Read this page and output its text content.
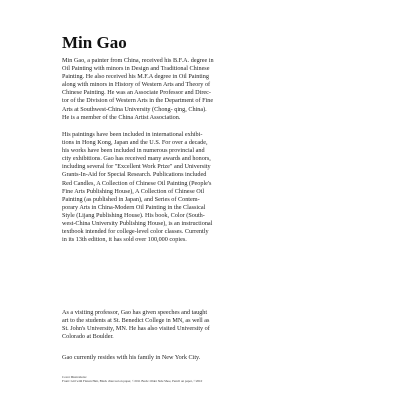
Min Gao
Min Gao, a painter from China, received his B.F.A. degree in
Oil Painting with minors in Design and Traditional Chinese
Painting. He also received his M.F.A degree in Oil Painting
along with minors in History of Western Arts and Theory of
Chinese Painting. He was an Associate Professor and Direc-
tor of the Division of Western Arts in the Department of Fine
Arts at Southwest-China University (Chong- qing, China).
He is a member of the China Artist Association.
His paintings have been included in international exhibi-
tions in Hong Kong, Japan and the U.S. For over a decade,
his works have been included in numerous provincial and
city exhibitions. Gao has received many awards and honors,
including several for "Excellent Work Prize" and University
Grants-In-Aid for Special Research. Publications included
Red Candles, A Collection of Chinese Oil Painting (People's
Fine Arts Publishing House), A Collection of Chinese Oil
Painting (as published in Japan), and Series of Contem-
porary Arts in China-Modern Oil Painting in the Classical
Style (Lijang Publishing House). His book, Color (South-
west-China University Publishing House), is an instructional
textbook intended for college-level color classes. Currently
in its 13th edition, it has sold over 100,000 copies.
As a visiting professor, Gao has given speeches and taught
art to the students at St. Benedict College in MN, as well as
St. John's University, MN. He has also visited University of
Colorado at Boulder.
Gao currently resides with his family in New York City.
Cover Illustrations:
Front: Girl with Flaxen Hair, Black charcoal on paper, ©2011 Back: Older Side Shoe, Pencil on paper, ©2010
